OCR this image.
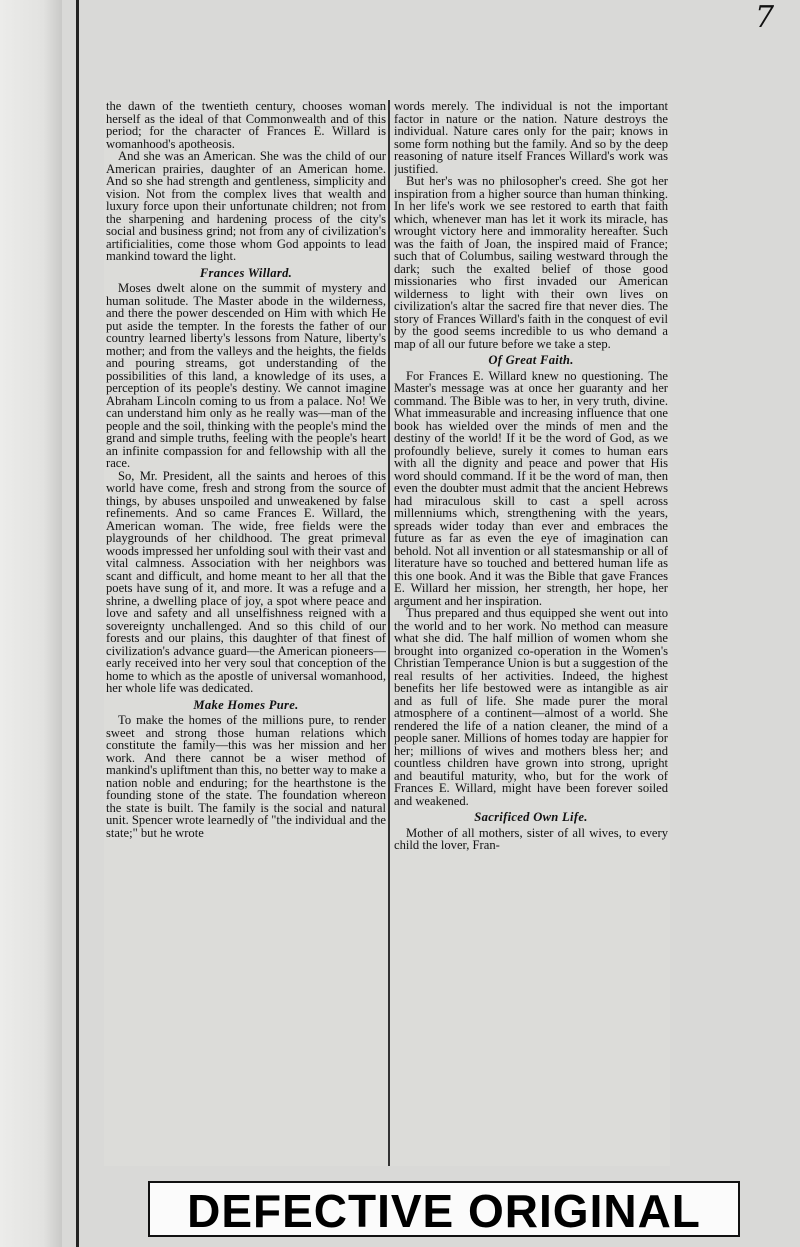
7

the dawn of the twentieth century, chooses woman herself as the ideal of that Commonwealth and of this period; for the character of Frances E. Willard is womanhood's apotheosis.

And she was an American. She was the child of our American prairies, daughter of an American home. And so she had strength and gentleness, simplicity and vision. Not from the complex lives that wealth and luxury force upon their unfortunate children; not from the sharpening and hardening process of the city's social and business grind; not from any of civilization's artificialities, come those whom God appoints to lead mankind toward the light.

Frances Willard.

Moses dwelt alone on the summit of mystery and human solitude. The Master abode in the wilderness, and there the power descended on Him with which He put aside the tempter. In the forests the father of our country learned liberty's lessons from Nature, liberty's mother; and from the valleys and the heights, the fields and pouring streams, got understanding of the possibilities of this land, a knowledge of its uses, a perception of its people's destiny. We cannot imagine Abraham Lincoln coming to us from a palace. No! We can understand him only as he really was—man of the people and the soil, thinking with the people's mind the grand and simple truths, feeling with the people's heart an infinite compassion for and fellowship with all the race.

So, Mr. President, all the saints and heroes of this world have come, fresh and strong from the source of things, by abuses unspoiled and unweakened by false refinements. And so came Frances E. Willard, the American woman. The wide, free fields were the playgrounds of her childhood. The great primeval woods impressed her unfolding soul with their vast and vital calmness. Association with her neighbors was scant and difficult, and home meant to her all that the poets have sung of it, and more. It was a refuge and a shrine, a dwelling place of joy, a spot where peace and love and safety and all unselfishness reigned with a sovereignty unchallenged. And so this child of our forests and our plains, this daughter of that finest of civilization's advance guard—the American pioneers—early received into her very soul that conception of the home to which as the apostle of universal womanhood, her whole life was dedicated.

Make Homes Pure.

To make the homes of the millions pure, to render sweet and strong those human relations which constitute the family—this was her mission and her work. And there cannot be a wiser method of mankind's upliftment than this, no better way to make a nation noble and enduring; for the hearthstone is the founding stone of the state. The foundation whereon the state is built. The family is the social and natural unit. Spencer wrote learnedly of "the individual and the state;" but he wrote

words merely. The individual is not the important factor in nature or the nation. Nature destroys the individual. Nature cares only for the pair; knows in some form nothing but the family. And so by the deep reasoning of nature itself Frances Willard's work was justified.

But her's was no philosopher's creed. She got her inspiration from a higher source than human thinking. In her life's work we see restored to earth that faith which, whenever man has let it work its miracle, has wrought victory here and immorality hereafter. Such was the faith of Joan, the inspired maid of France; such that of Columbus, sailing westward through the dark; such the exalted belief of those good missionaries who first invaded our American wilderness to light with their own lives on civilization's altar the sacred fire that never dies. The story of Frances Willard's faith in the conquest of evil by the good seems incredible to us who demand a map of all our future before we take a step.

Of Great Faith.

For Frances E. Willard knew no questioning. The Master's message was at once her guaranty and her command. The Bible was to her, in very truth, divine. What immeasurable and increasing influence that one book has wielded over the minds of men and the destiny of the world! If it be the word of God, as we profoundly believe, surely it comes to human ears with all the dignity and peace and power that His word should command. If it be the word of man, then even the doubter must admit that the ancient Hebrews had miraculous skill to cast a spell across millenniums which, strengthening with the years, spreads wider today than ever and embraces the future as far as even the eye of imagination can behold. Not all invention or all statesmanship or all of literature have so touched and bettered human life as this one book. And it was the Bible that gave Frances E. Willard her mission, her strength, her hope, her argument and her inspiration.

Thus prepared and thus equipped she went out into the world and to her work. No method can measure what she did. The half million of women whom she brought into organized co-operation in the Women's Christian Temperance Union is but a suggestion of the real results of her activities. Indeed, the highest benefits her life bestowed were as intangible as air and as full of life. She made purer the moral atmosphere of a continent—almost of a world. She rendered the life of a nation cleaner, the mind of a people saner. Millions of homes today are happier for her; millions of wives and mothers bless her; and countless children have grown into strong, upright and beautiful maturity, who, but for the work of Frances E. Willard, might have been forever soiled and weakened.

Sacrificed Own Life.

Mother of all mothers, sister of all wives, to every child the lover, Fran-

DEFECTIVE ORIGINAL
